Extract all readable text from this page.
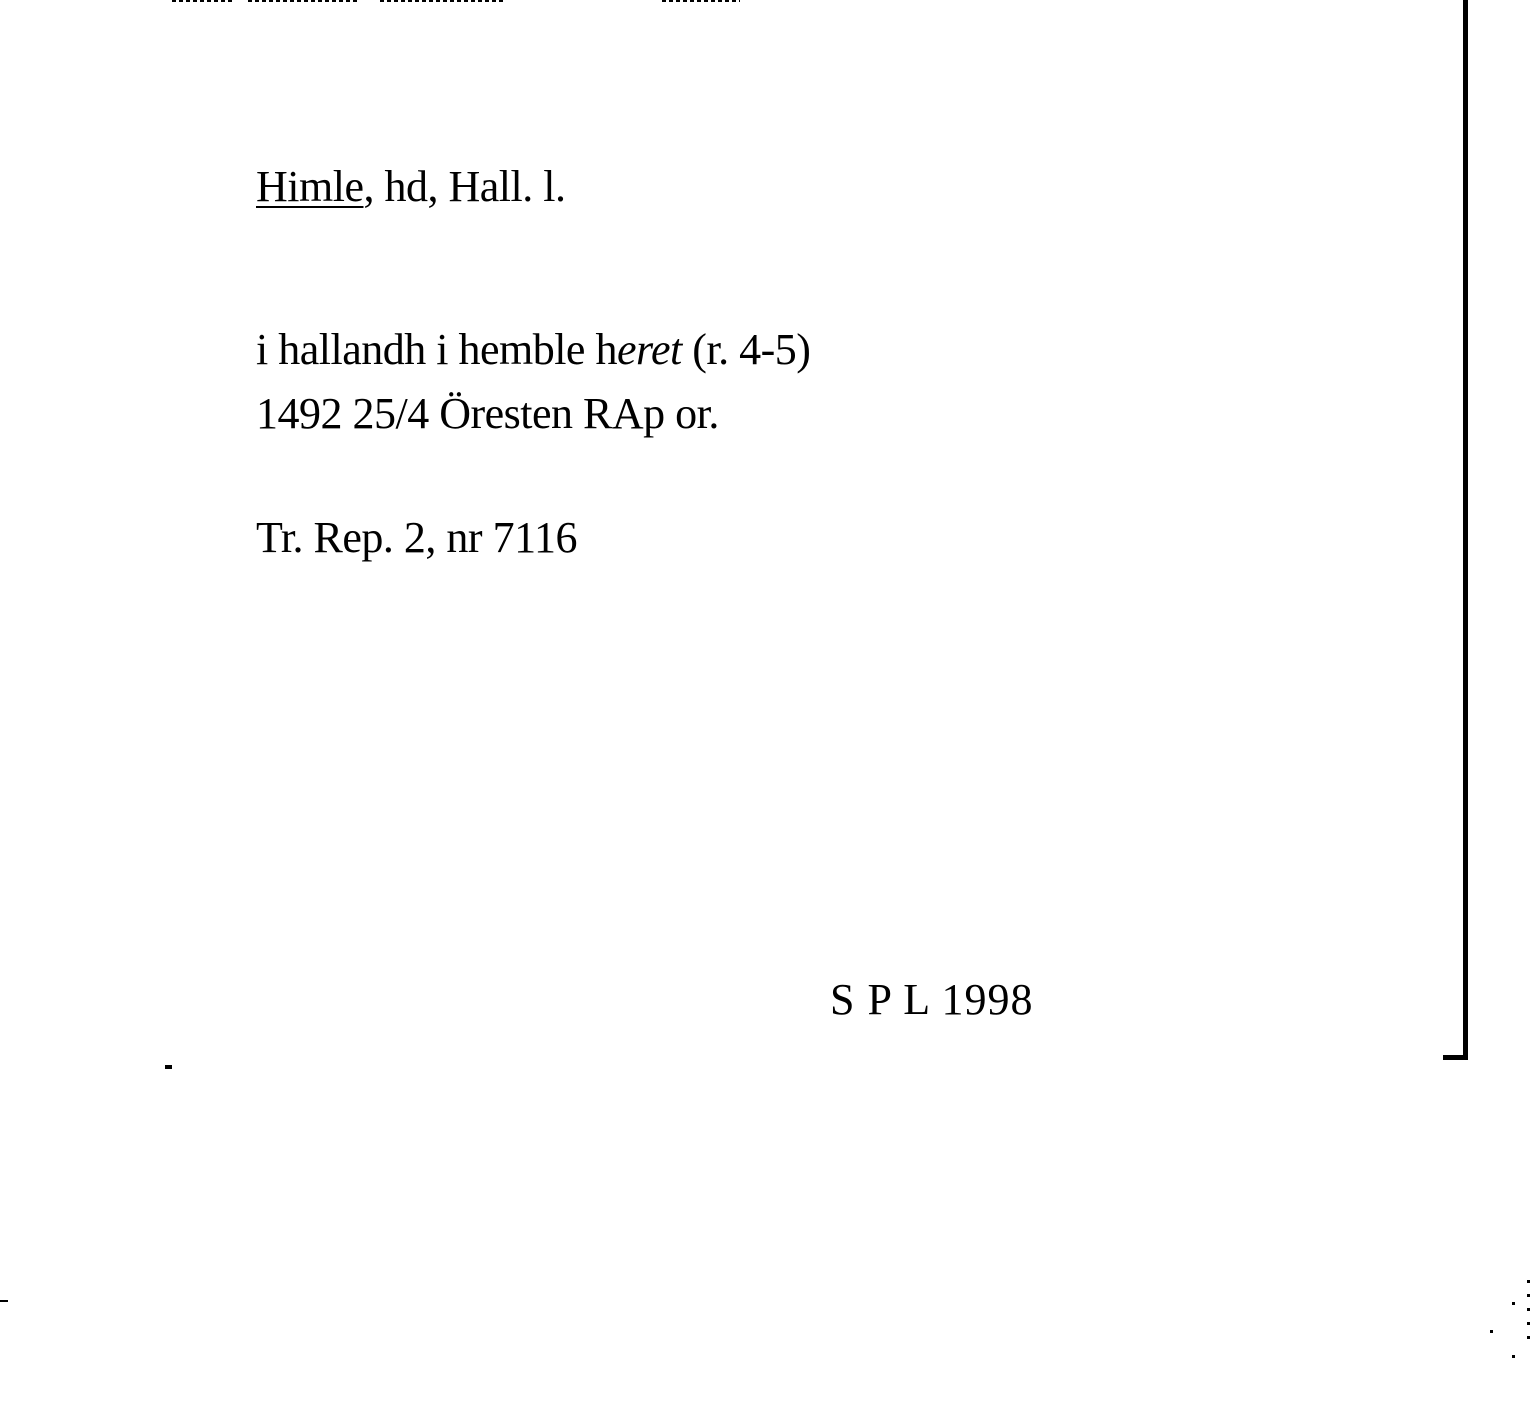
Himle, hd, Hall. l.
i hallandh i hemble heret (r. 4-5)
1492 25/4 Öresten RAp or.
Tr. Rep. 2, nr 7116
S P L 1998
